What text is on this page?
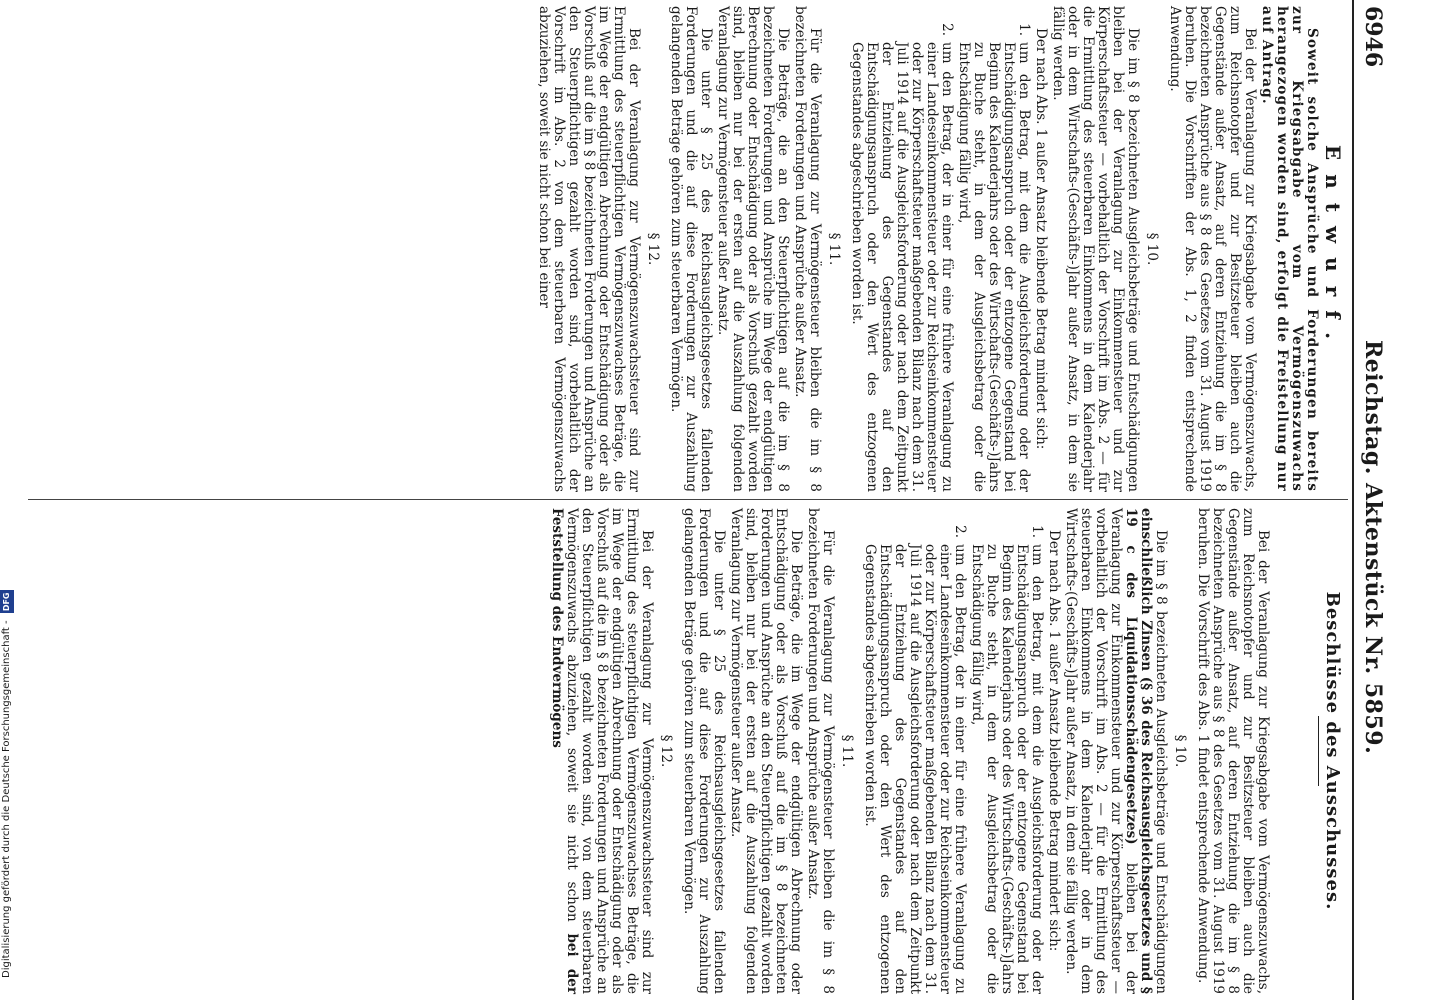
6946
Reichstag. Aktenstück Nr. 5859.
Entwurf.

Soweit solche Ansprüche und Forderungen bereits zur Kriegsabgabe vom Vermögenszuwachs herangezogen worden sind, erfolgt die Freistellung nur auf Antrag.

Bei der Veranlagung zur Kriegsabgabe vom Vermögenszuwachs, zum Reichsnotopfer und zur Besitzsteuer bleiben auch die Gegenstände außer Ansatz, auf deren Entziehung die im § 8 bezeichneten Ansprüche aus § 8 des Gesetzes vom 31. August 1919 beruhen. Die Vorschriften der Abs. 1, 2 finden entsprechende Anwendung.

§ 10.

Die im § 8 bezeichneten Ausgleichsbeträge und Entschädigungen bleiben bei der Veranlagung zur Einkommensteuer und zur Körperschaftssteuer — vorbehaltlich der Vorschrift im Abs. 2 — für die Ermittlung des steuerbaren Einkommens in dem Kalenderjahr oder in dem Wirtschafts-(Geschäfts-)Jahr außer Ansatz, in dem sie fällig werden.

Der nach Abs. 1 außer Ansatz bleibende Betrag mindert sich:

1.
um den Betrag, mit dem die Ausgleichsforderung oder der Entschädigungsanspruch oder der entzogene Gegenstand bei Beginn des Kalenderjahrs oder des Wirtschafts-(Geschäfts-)Jahrs zu Buche steht, in dem der Ausgleichsbetrag oder die Entschädigung fällig wird,
2.
um den Betrag, der in einer für eine frühere Veranlagung zu einer Landeseinkommensteuer oder zur Reichseinkommensteuer oder zur Körperschaftsteuer maßgebenden Bilanz nach dem 31. Juli 1914 auf die Ausgleichsforderung oder nach dem Zeitpunkt der Entziehung des Gegenstandes auf den Entschädigungsanspruch oder den Wert des entzogenen Gegenstandes abgeschrieben worden ist.
§ 11.

Für die Veranlagung zur Vermögensteuer bleiben die im § 8 bezeichneten Forderungen und Ansprüche außer Ansatz.

Die Beträge, die an den Steuerpflichtigen auf die im § 8 bezeichneten Forderungen und Ansprüche im Wege der endgültigen Berechnung oder Entschädigung oder als Vorschuß gezahlt worden sind, bleiben nur bei der ersten auf die Auszahlung folgenden Veranlagung zur Vermögensteuer außer Ansatz.

Die unter § 25 des Reichsausgleichsgesetzes fallenden Forderungen und die auf diese Forderungen zur Auszahlung gelangenden Beträge gehören zum steuerbaren Vermögen.

§ 12.

Bei der Veranlagung zur Vermögenszuwachssteuer sind zur Ermittlung des steuerpflichtigen Vermögenszuwachses Beträge, die im Wege der endgültigen Abrechnung oder Entschädigung oder als Vorschuß auf die im § 8 bezeichneten Forderungen und Ansprüche an den Steuerpflichtigen gezahlt worden sind, vorbehaltlich der Vorschrift im Abs. 2 von dem steuerbaren Vermögenszuwachs abzuziehen, soweit sie nicht schon bei einer

Beschlüsse des Ausschusses.

Bei der Veranlagung zur Kriegsabgabe vom Vermögenszuwachs, zum Reichsnotopfer und zur Besitzsteuer bleiben auch die Gegenstände außer Ansatz, auf deren Entziehung die im § 8 bezeichneten Ansprüche aus § 8 des Gesetzes vom 31. August 1919 beruhen. Die Vorschrift des Abs. 1 findet entsprechende Anwendung.

§ 10.

Die im § 8 bezeichneten Ausgleichsbeträge und Entschädigungen einschließlich Zinsen (§ 36 des Reichsausgleichsgesetzes und § 19 c des Liquidationsschädengesetzes) bleiben bei der Veranlagung zur Einkommensteuer und zur Körperschaftssteuer — vorbehaltlich der Vorschrift im Abs. 2 — für die Ermittlung des steuerbaren Einkommens in dem Kalenderjahr oder in dem Wirtschafts-(Geschäfts-)Jahr außer Ansatz, in dem sie fällig werden.

Der nach Abs. 1 außer Ansatz bleibende Betrag mindert sich:

1.
um den Betrag, mit dem die Ausgleichsforderung oder der Entschädigungsanspruch oder der entzogene Gegenstand bei Beginn des Kalenderjahrs oder des Wirtschafts-(Geschäfts-)Jahrs zu Buche steht, in dem der Ausgleichsbetrag oder die Entschädigung fällig wird,
2.
um den Betrag, der in einer für eine frühere Veranlagung zu einer Landeseinkommensteuer oder zur Reichseinkommensteuer oder zur Körperschaftsteuer maßgebenden Bilanz nach dem 31. Juli 1914 auf die Ausgleichsforderung oder nach dem Zeitpunkt der Entziehung des Gegenstandes auf den Entschädigungsanspruch oder den Wert des entzogenen Gegenstandes abgeschrieben worden ist.
§ 11.

Für die Veranlagung zur Vermögensteuer bleiben die im § 8 bezeichneten Forderungen und Ansprüche außer Ansatz.

Die Beträge, die im Wege der endgültigen Abrechnung oder Entschädigung oder als Vorschuß auf die im § 8 bezeichneten Forderungen und Ansprüche an den Steuerpflichtigen gezahlt worden sind, bleiben nur bei der ersten auf die Auszahlung folgenden Veranlagung zur Vermögensteuer außer Ansatz.

Die unter § 25 des Reichsausgleichsgesetzes fallenden Forderungen und die auf diese Forderungen zur Auszahlung gelangenden Beträge gehören zum steuerbaren Vermögen.

§ 12.

Bei der Veranlagung zur Vermögenszuwachssteuer sind zur Ermittlung des steuerpflichtigen Vermögenszuwachses Beträge, die im Wege der endgültigen Abrechnung oder Entschädigung oder als Vorschuß auf die im § 8 bezeichneten Forderungen und Ansprüche an den Steuerpflichtigen gezahlt worden sind, von dem steuerbaren Vermögenszuwachs abzuziehen, soweit sie nicht schon bei der Feststellung des Endvermögens

Digitalisierung gefördert durch die Deutsche Forschungsgemeinschaft - DFG
